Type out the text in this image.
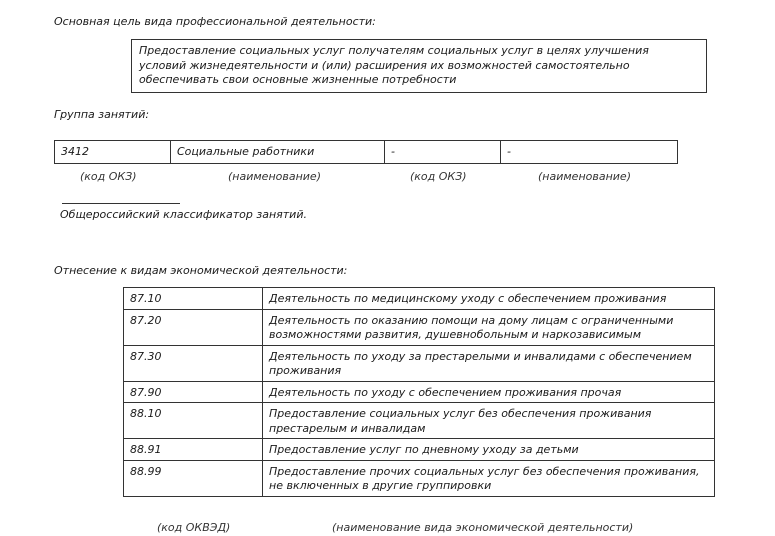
Основная цель вида профессиональной деятельности:
Предоставление социальных услуг получателям социальных услуг в целях улучшения условий жизнедеятельности и (или) расширения их возможностей самостоятельно обеспечивать свои основные жизненные потребности
Группа занятий:
3412	Социальные работники	-	-
(код ОКЗ)	(наименование)	(код ОКЗ)	(наименование)
Общероссийский классификатор занятий.
Отнесение к видам экономической деятельности:
87.10	Деятельность по медицинскому уходу с обеспечением проживания
87.20	Деятельность по оказанию помощи на дому лицам с ограниченными возможностями развития, душевнобольным и наркозависимым
87.30	Деятельность по уходу за престарелыми и инвалидами с обеспечением проживания
87.90	Деятельность по уходу с обеспечением проживания прочая
88.10	Предоставление социальных услуг без обеспечения проживания престарелым и инвалидам
88.91	Предоставление услуг по дневному уходу за детьми
88.99	Предоставление прочих социальных услуг без обеспечения проживания, не включенных в другие группировки
(код ОКВЭД)	(наименование вида экономической деятельности)
